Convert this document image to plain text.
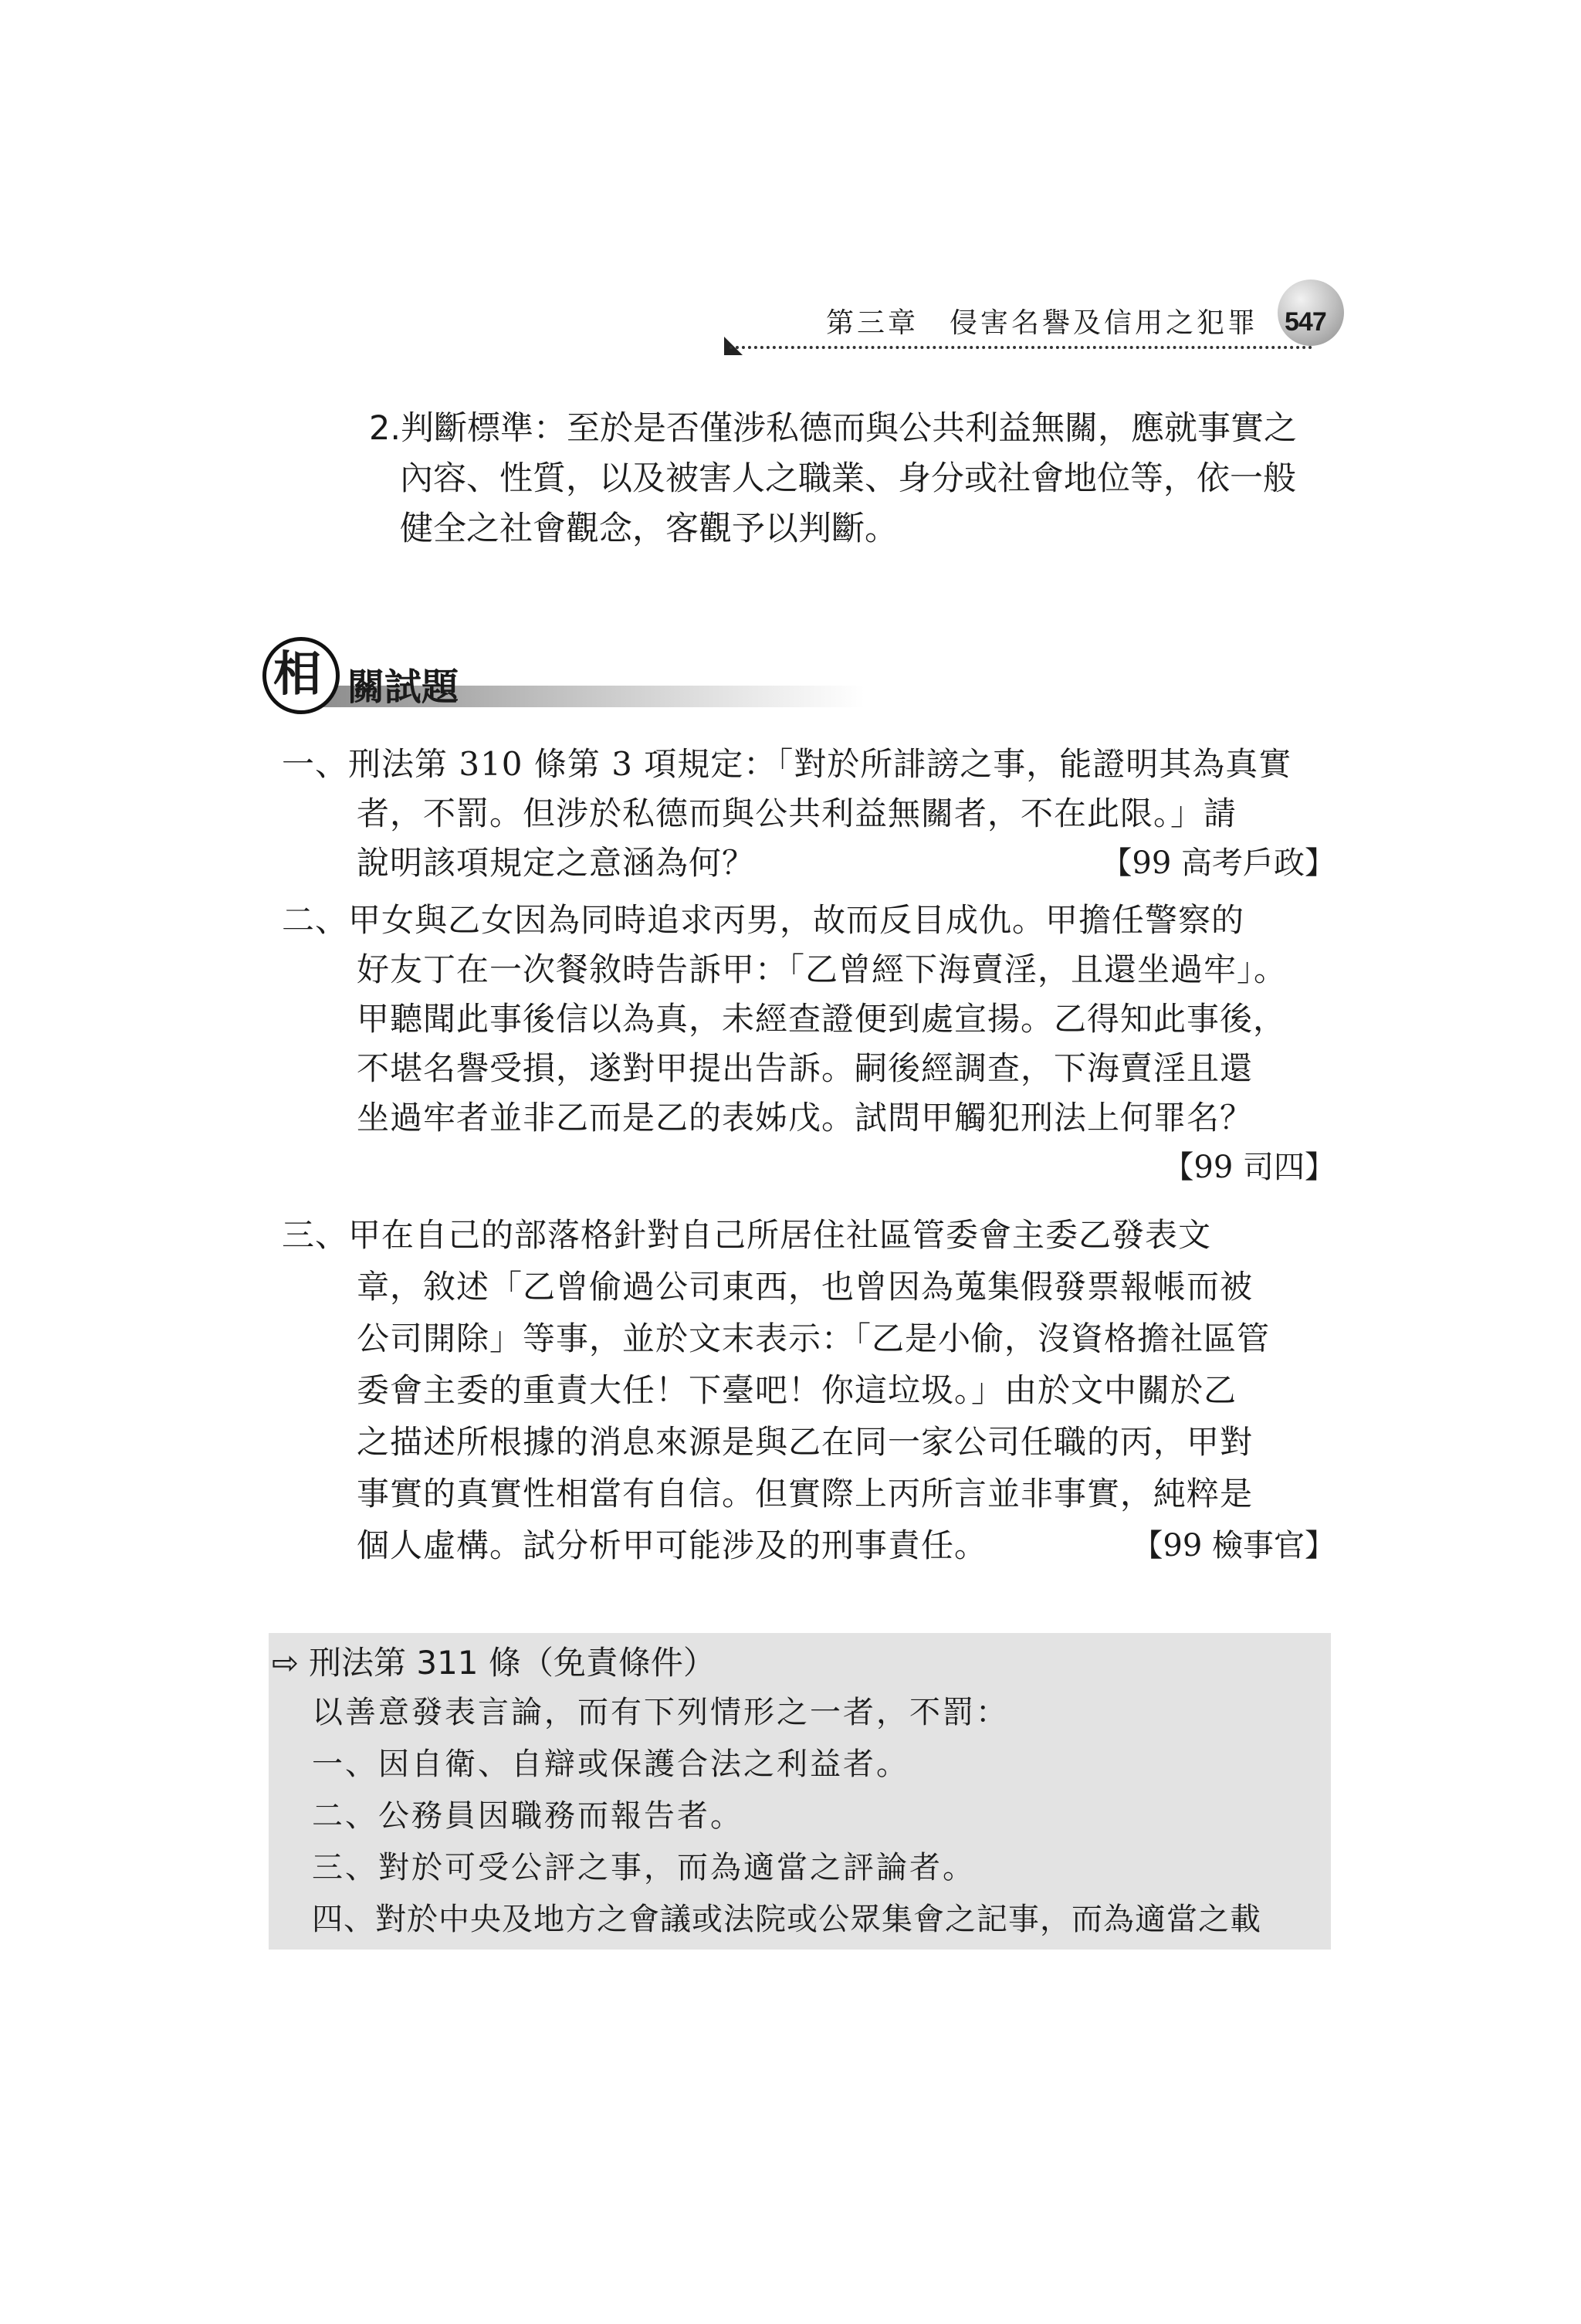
第三章　侵害名譽及信用之犯罪 547
2.判斷標準：至於是否僅涉私德而與公共利益無關，應就事實之
內容、性質，以及被害人之職業、身分或社會地位等，依一般
健全之社會觀念，客觀予以判斷。
相 關試題
一、刑法第 310 條第 3 項規定：「對於所誹謗之事，能證明其為真實
者，不罰。但涉於私德而與公共利益無關者，不在此限。」請
說明該項規定之意涵為何？	【99 高考戶政】
二、甲女與乙女因為同時追求丙男，故而反目成仇。甲擔任警察的
好友丁在一次餐敘時告訴甲：「乙曾經下海賣淫，且還坐過牢」。
甲聽聞此事後信以為真，未經查證便到處宣揚。乙得知此事後，
不堪名譽受損，遂對甲提出告訴。嗣後經調查，下海賣淫且還
坐過牢者並非乙而是乙的表姊戊。試問甲觸犯刑法上何罪名？
【99 司四】
三、甲在自己的部落格針對自己所居住社區管委會主委乙發表文
章，敘述「乙曾偷過公司東西，也曾因為蒐集假發票報帳而被
公司開除」等事，並於文末表示：「乙是小偷，沒資格擔社區管
委會主委的重責大任！下臺吧！你這垃圾。」由於文中關於乙
之描述所根據的消息來源是與乙在同一家公司任職的丙，甲對
事實的真實性相當有自信。但實際上丙所言並非事實，純粹是
個人虛構。試分析甲可能涉及的刑事責任。	【99 檢事官】
⇨ 刑法第 311 條（免責條件）
以善意發表言論，而有下列情形之一者，不罰：
一、因自衛、自辯或保護合法之利益者。
二、公務員因職務而報告者。
三、對於可受公評之事，而為適當之評論者。
四、對於中央及地方之會議或法院或公眾集會之記事，而為適當之載
